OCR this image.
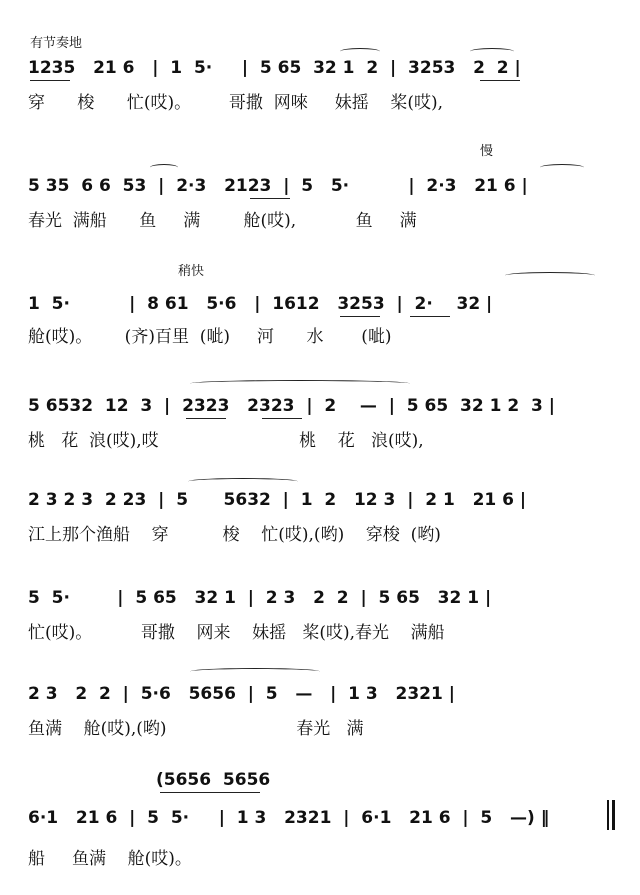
有节奏地
1235   21 6   |  1  5·     |  5 65  32 1  2  |  3253   2  2 |
穿      梭      忙(哎)。       哥撒  网唻     妹摇    桨(哎),
慢
5 35  6 6  53  |  2·3   2123  |  5   5·          |  2·3   21 6 |
春光  满船      鱼     满        舱(哎),           鱼     满
稍快
1  5·          |  8 61   5·6   |  1612   3253  |  2·    32 |
舱(哎)。      (齐)百里  (呲)     河      水       (呲)
5 6532  12  3  |  2323   2323  |  2    —  |  5 65  32 1 2  3 |
桃   花  浪(哎),哎                          桃    花   浪(哎),
2 3 2 3  2 23  |  5      5632  |  1  2   12 3  |  2 1   21 6 |
江上那个渔船    穿          梭    忙(哎),(哟)    穿梭  (哟)
5  5·        |  5 65   32 1  |  2 3   2  2  |  5 65   32 1 |
忙(哎)。         哥撒    网来    妹摇   桨(哎),春光    满船
2 3   2  2  |  5·6   5656  |  5   —   |  1 3   2321 |
鱼满    舱(哎),(哟)                        春光   满
(5656  5656
6·1   21 6  |  5  5·     |  1 3   2321  |  6·1   21 6  |  5   —) ‖
船     鱼满    舱(哎)。
